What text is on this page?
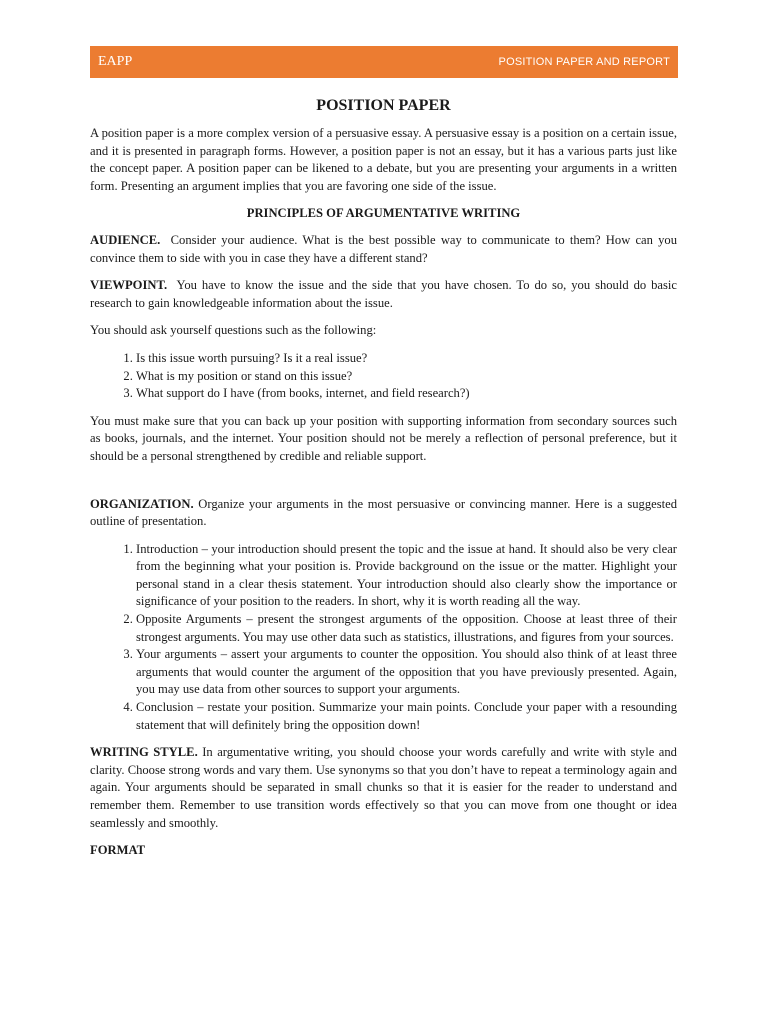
EAPP	POSITION PAPER AND REPORT
POSITION PAPER

A position paper is a more complex version of a persuasive essay. A persuasive essay is a position on a certain issue, and it is presented in paragraph forms. However, a position paper is not an essay, but it has a various parts just like the concept paper. A position paper can be likened to a debate, but you are presenting your arguments in a written form. Presenting an argument implies that you are favoring one side of the issue.

PRINCIPLES OF ARGUMENTATIVE WRITING

AUDIENCE. Consider your audience. What is the best possible way to communicate to them? How can you convince them to side with you in case they have a different stand?

VIEWPOINT. You have to know the issue and the side that you have chosen. To do so, you should do basic research to gain knowledgeable information about the issue.

You should ask yourself questions such as the following:

1. Is this issue worth pursuing? Is it a real issue?
2. What is my position or stand on this issue?
3. What support do I have (from books, internet, and field research?)

You must make sure that you can back up your position with supporting information from secondary sources such as books, journals, and the internet. Your position should not be merely a reflection of personal preference, but it should be a personal strengthened by credible and reliable support.

ORGANIZATION. Organize your arguments in the most persuasive or convincing manner. Here is a suggested outline of presentation.

1. Introduction – your introduction should present the topic and the issue at hand. It should also be very clear from the beginning what your position is. Provide background on the issue or the matter. Highlight your personal stand in a clear thesis statement. Your introduction should also clearly show the importance or significance of your position to the readers. In short, why it is worth reading all the way.
2. Opposite Arguments – present the strongest arguments of the opposition. Choose at least three of their strongest arguments. You may use other data such as statistics, illustrations, and figures from your sources.
3. Your arguments – assert your arguments to counter the opposition. You should also think of at least three arguments that would counter the argument of the opposition that you have previously presented. Again, you may use data from other sources to support your arguments.
4. Conclusion – restate your position. Summarize your main points. Conclude your paper with a resounding statement that will definitely bring the opposition down!

WRITING STYLE. In argumentative writing, you should choose your words carefully and write with style and clarity. Choose strong words and vary them. Use synonyms so that you don’t have to repeat a terminology again and again. Your arguments should be separated in small chunks so that it is easier for the reader to understand and remember them. Remember to use transition words effectively so that you can move from one thought or idea seamlessly and smoothly.

FORMAT
